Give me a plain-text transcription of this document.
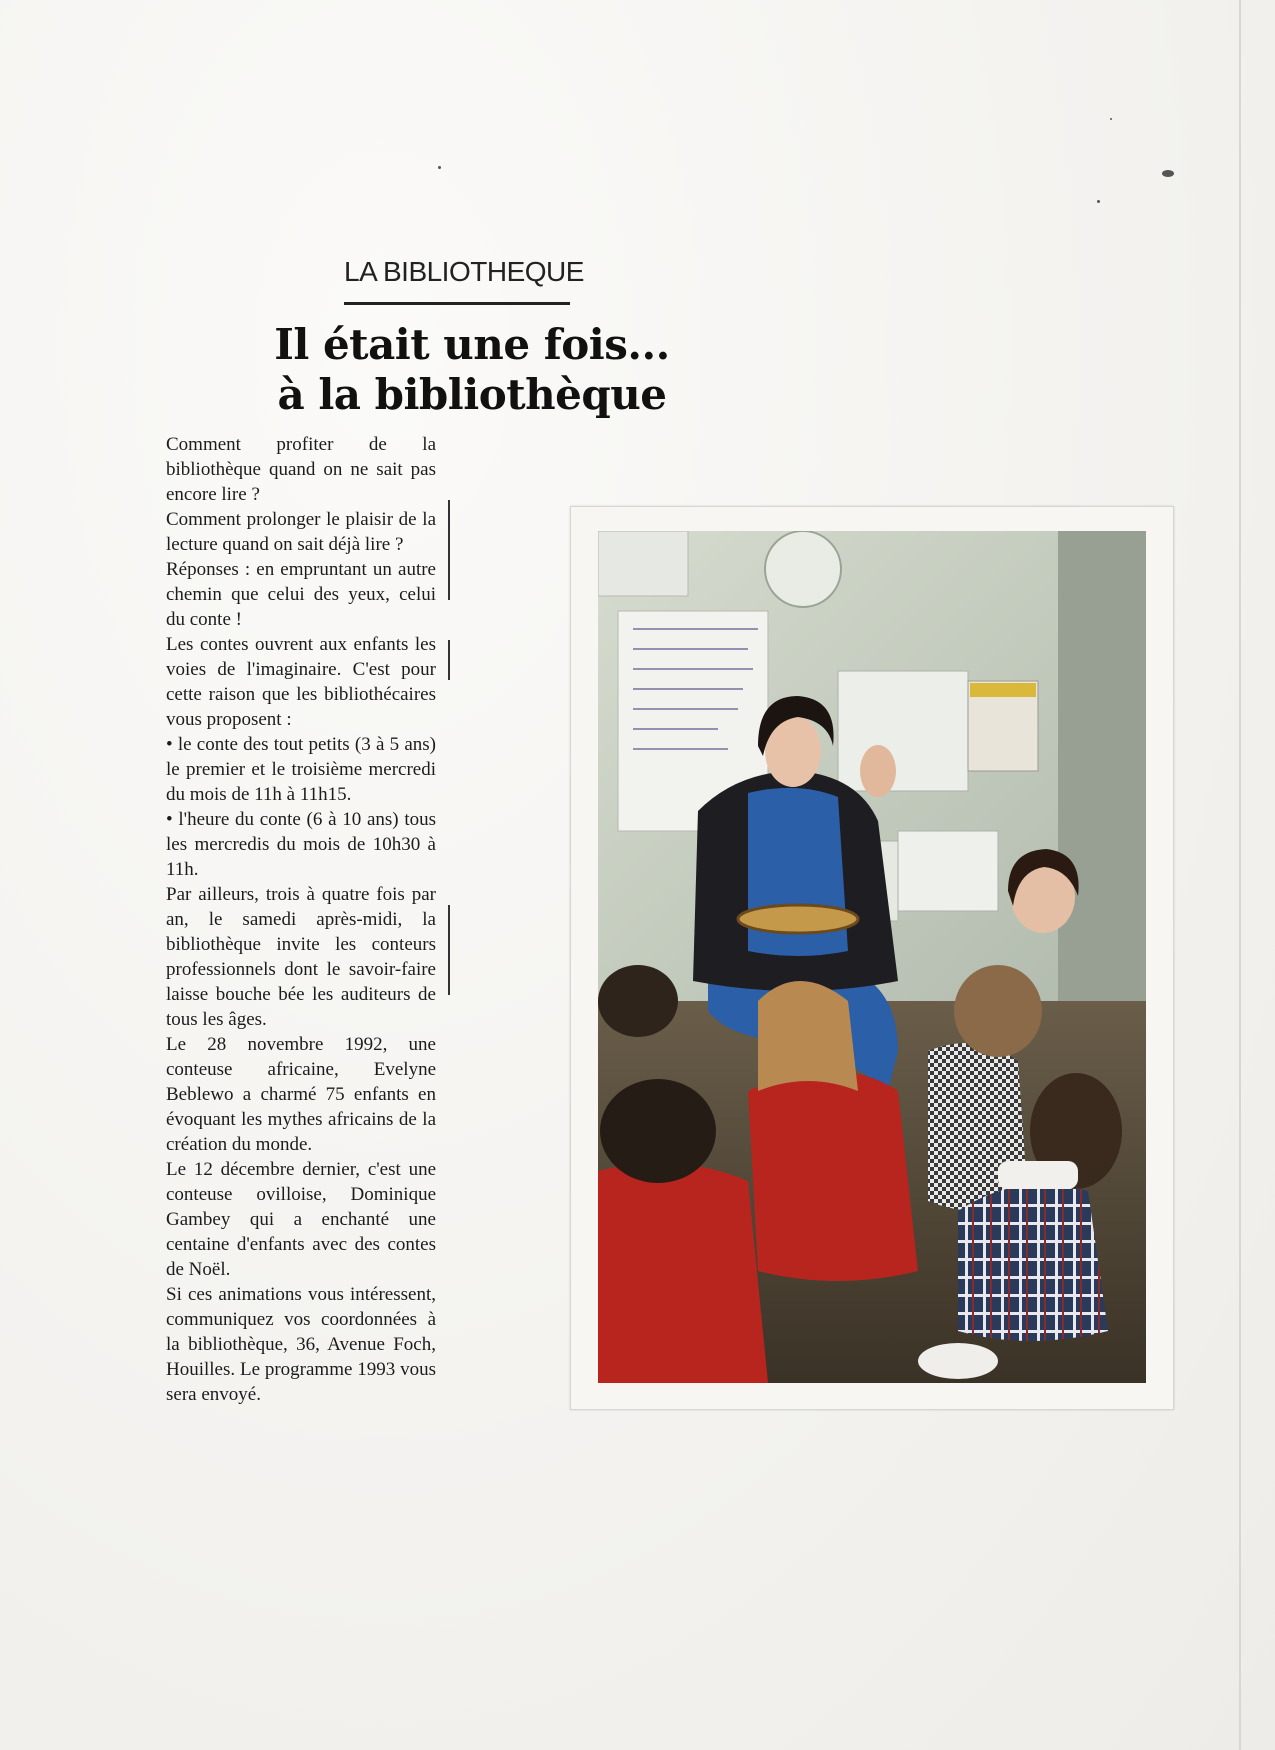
LA BIBLIOTHEQUE
Il était une fois...
à la bibliothèque

Comment profiter de la bibliothèque quand on ne sait pas encore lire ?

Comment prolonger le plaisir de la lecture quand on sait déjà lire ?

Réponses : en empruntant un autre chemin que celui des yeux, celui du conte !

Les contes ouvrent aux enfants les voies de l'imaginaire. C'est pour cette raison que les bibliothécaires vous proposent :

• le conte des tout petits (3 à 5 ans) le premier et le troisième mercredi du mois de 11h à 11h15.

• l'heure du conte (6 à 10 ans) tous les mercredis du mois de 10h30 à 11h.

Par ailleurs, trois à quatre fois par an, le samedi après-midi, la bibliothèque invite les conteurs professionnels dont le savoir-faire laisse bouche bée les auditeurs de tous les âges.

Le 28 novembre 1992, une conteuse africaine, Evelyne Beblewo a charmé 75 enfants en évoquant les mythes africains de la création du monde.

Le 12 décembre dernier, c'est une conteuse ovilloise, Dominique Gambey qui a enchanté une centaine d'enfants avec des contes de Noël.

Si ces animations vous intéressent, communiquez vos coordonnées à la bibliothèque, 36, Avenue Foch, Houilles. Le programme 1993 vous sera envoyé.
